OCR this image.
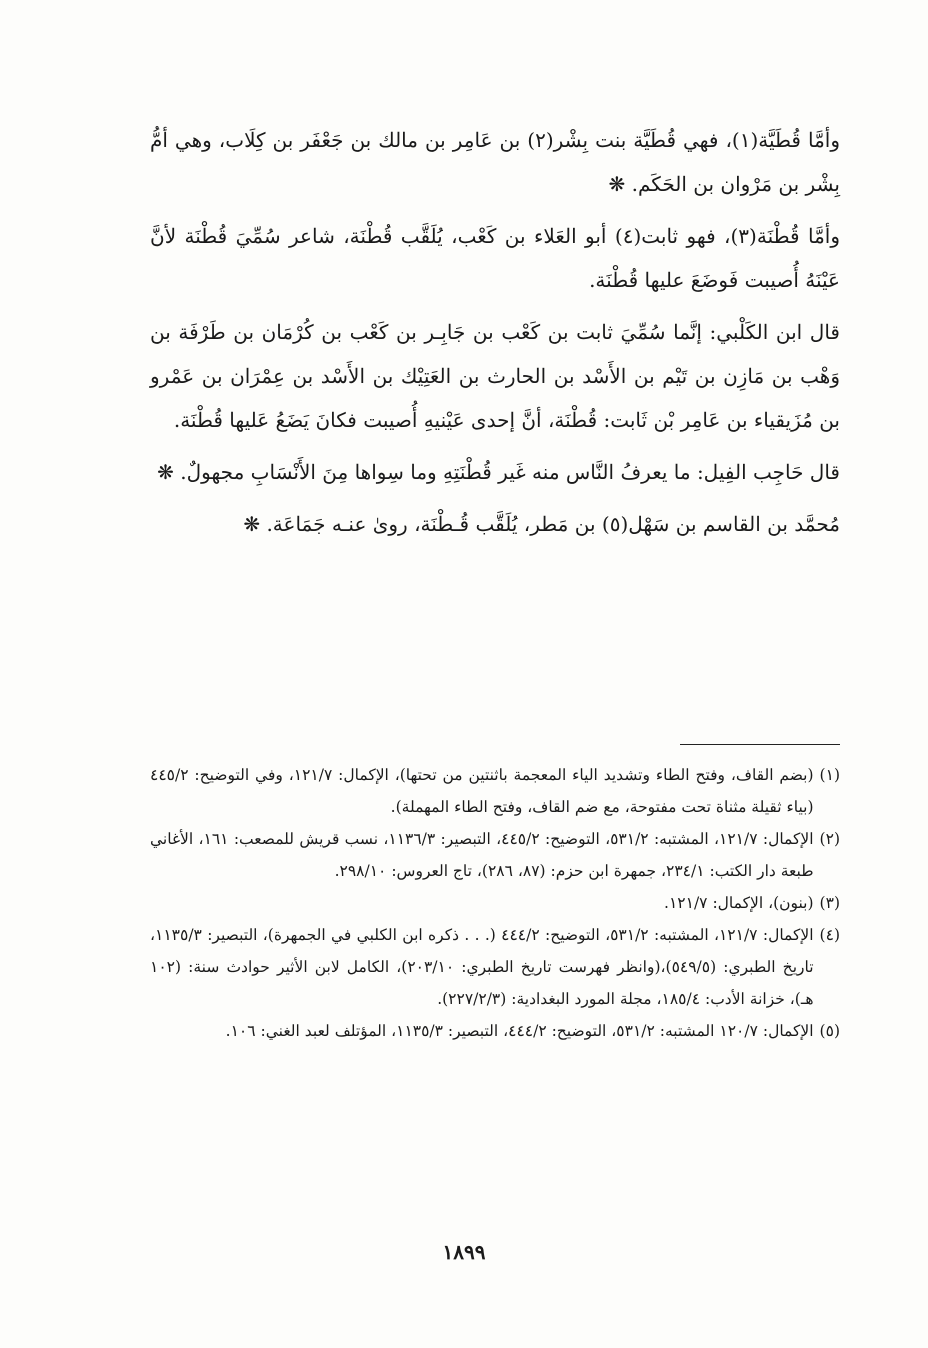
وأمَّا قُطَيَّة(١)، فهي قُطَيَّة بنت بِشْر(٢) بن عَامِر بن مالك بن جَعْفَر بن كِلَاب، وهي أمُّ بِشْر بن مَرْوان بن الحَكَم. ❋

وأمَّا قُطْنَة(٣)، فهو ثابت(٤) أبو العَلاء بن كَعْب، يُلَقَّب قُطْنَة، شاعر سُمِّيَ قُطْنَة لأنَّ عَيْنَهُ أُصيبت فَوضَعَ عليها قُطْنَة.

قال ابن الكَلْبي: إنَّما سُمِّيَ ثابت بن كَعْب بن جَابِـر بن كَعْب بن كُرْمَان بن طَرْفَة بن وَهْب بن مَازِن بن تَيْم بن الأَسْد بن الحارث بن العَتِيْك بن الأَسْد بن عِمْرَان بن عَمْرو بن مُزَيقياء بن عَامِر بْن ثَابت: قُطْنَة، أنَّ إحدى عَيْنيهِ أُصيبت فكانَ يَضَعُ عَليها قُطْنَة.

قال حَاجِب الفِيل: ما يعرفُ النَّاس منه غَير قُطْنَتِهِ وما سِواها مِنَ الأَنْسَابِ مجهولٌ. ❋

مُحمَّد بن القاسم بن سَهْل(٥) بن مَطر، يُلَقَّب قُـطْنَة، روىٰ عنـه جَمَاعَة. ❋

(١)
(بضم القاف، وفتح الطاء وتشديد الياء المعجمة باثنتين من تحتها)، الإكمال: ١٢١/٧، وفي التوضيح: ٤٤٥/٢ (بياء ثقيلة مثناة تحت مفتوحة، مع ضم القاف، وفتح الطاء المهملة).
(٢)
الإكمال: ١٢١/٧، المشتبه: ٥٣١/٢، التوضيح: ٤٤٥/٢، التبصير: ١١٣٦/٣، نسب قريش للمصعب: ١٦١، الأغاني طبعة دار الكتب: ٢٣٤/١، جمهرة ابن حزم: (٨٧، ٢٨٦)، تاج العروس: ٢٩٨/١٠.
(٣)
(بنون)، الإكمال: ١٢١/٧.
(٤)
الإكمال: ١٢١/٧، المشتبه: ٥٣١/٢، التوضيح: ٤٤٤/٢ (. . . ذكره ابن الكلبي في الجمهرة)، التبصير: ١١٣٥/٣، تاريخ الطبري: (٥٤٩/٥)،(وانظر فهرست تاريخ الطبري: ٢٠٣/١٠)، الكامل لابن الأثير حوادث سنة: (١٠٢ هـ)، خزانة الأدب: ١٨٥/٤، مجلة المورد البغدادية: (٢٢٧/٢/٣).
(٥)
الإكمال: ١٢٠/٧ المشتبه: ٥٣١/٢، التوضيح: ٤٤٤/٢، التبصير: ١١٣٥/٣، المؤتلف لعبد الغني: ١٠٦.
١٨٩٩
